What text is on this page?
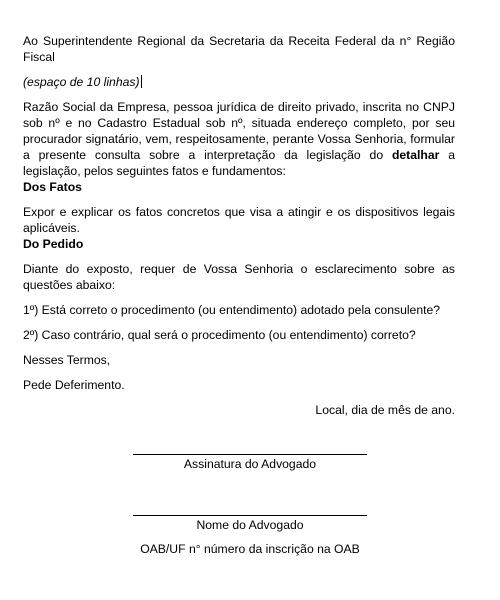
Ao Superintendente Regional da Secretaria da Receita Federal da n° Região Fiscal

(espaço de 10 linhas)

Razão Social da Empresa, pessoa jurídica de direito privado, inscrita no CNPJ sob nº e no Cadastro Estadual sob nº, situada endereço completo, por seu procurador signatário, vem, respeitosamente, perante Vossa Senhoria, formular a presente consulta sobre a interpretação da legislação do detalhar a legislação, pelos seguintes fatos e fundamentos:

Dos Fatos

Expor e explicar os fatos concretos que visa a atingir e os dispositivos legais aplicáveis.

Do Pedido

Diante do exposto, requer de Vossa Senhoria o esclarecimento sobre as questões abaixo:

1º) Está correto o procedimento (ou entendimento) adotado pela consulente?

2º) Caso contrário, qual será o procedimento (ou entendimento) correto?

Nesses Termos,

Pede Deferimento.

Local, dia de mês de ano.

Assinatura do Advogado
Nome do Advogado
OAB/UF n° número da inscrição na OAB
